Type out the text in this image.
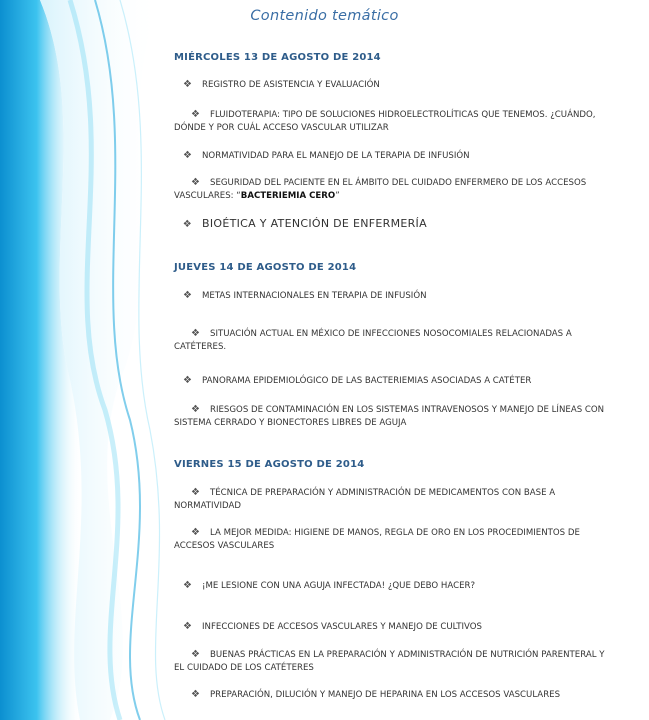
Contenido temático
MIÉRCOLES 13 DE AGOSTO DE 2014
❖ REGISTRO DE ASISTENCIA Y EVALUACIÓN
❖ FLUIDOTERAPIA: TIPO DE SOLUCIONES HIDROELECTROLÍTICAS QUE TENEMOS. ¿CUÁNDO, DÓNDE Y POR CUÁL ACCESO VASCULAR UTILIZAR
❖ NORMATIVIDAD PARA EL MANEJO DE LA TERAPIA DE INFUSIÓN
❖ SEGURIDAD DEL PACIENTE EN EL ÁMBITO DEL CUIDADO ENFERMERO DE LOS ACCESOS VASCULARES: “BACTERIEMIA CERO”
❖ BIOÉTICA Y ATENCIÓN DE ENFERMERÍA
JUEVES 14 DE AGOSTO DE 2014
❖ METAS INTERNACIONALES EN TERAPIA DE INFUSIÓN
❖ SITUACIÓN ACTUAL EN MÉXICO DE INFECCIONES NOSOCOMIALES RELACIONADAS A CATÉTERES.
❖ PANORAMA EPIDEMIOLÓGICO DE LAS BACTERIEMIAS ASOCIADAS A CATÉTER
❖ RIESGOS DE CONTAMINACIÓN EN LOS SISTEMAS INTRAVENOSOS Y MANEJO DE LÍNEAS CON SISTEMA CERRADO Y BIONECTORES LIBRES DE AGUJA
VIERNES 15 DE AGOSTO DE 2014
❖ TÉCNICA DE PREPARACIÓN Y ADMINISTRACIÓN DE MEDICAMENTOS CON BASE A NORMATIVIDAD
❖ LA MEJOR MEDIDA: HIGIENE DE MANOS, REGLA DE ORO EN LOS PROCEDIMIENTOS DE ACCESOS VASCULARES
❖ ¡ME LESIONE CON UNA AGUJA INFECTADA! ¿QUE DEBO HACER?
❖ INFECCIONES DE ACCESOS VASCULARES Y MANEJO DE CULTIVOS
❖ BUENAS PRÁCTICAS EN LA PREPARACIÓN Y ADMINISTRACIÓN DE NUTRICIÓN PARENTERAL Y EL CUIDADO DE LOS CATÉTERES
❖ PREPARACIÓN, DILUCIÓN Y MANEJO DE HEPARINA EN LOS ACCESOS VASCULARES
